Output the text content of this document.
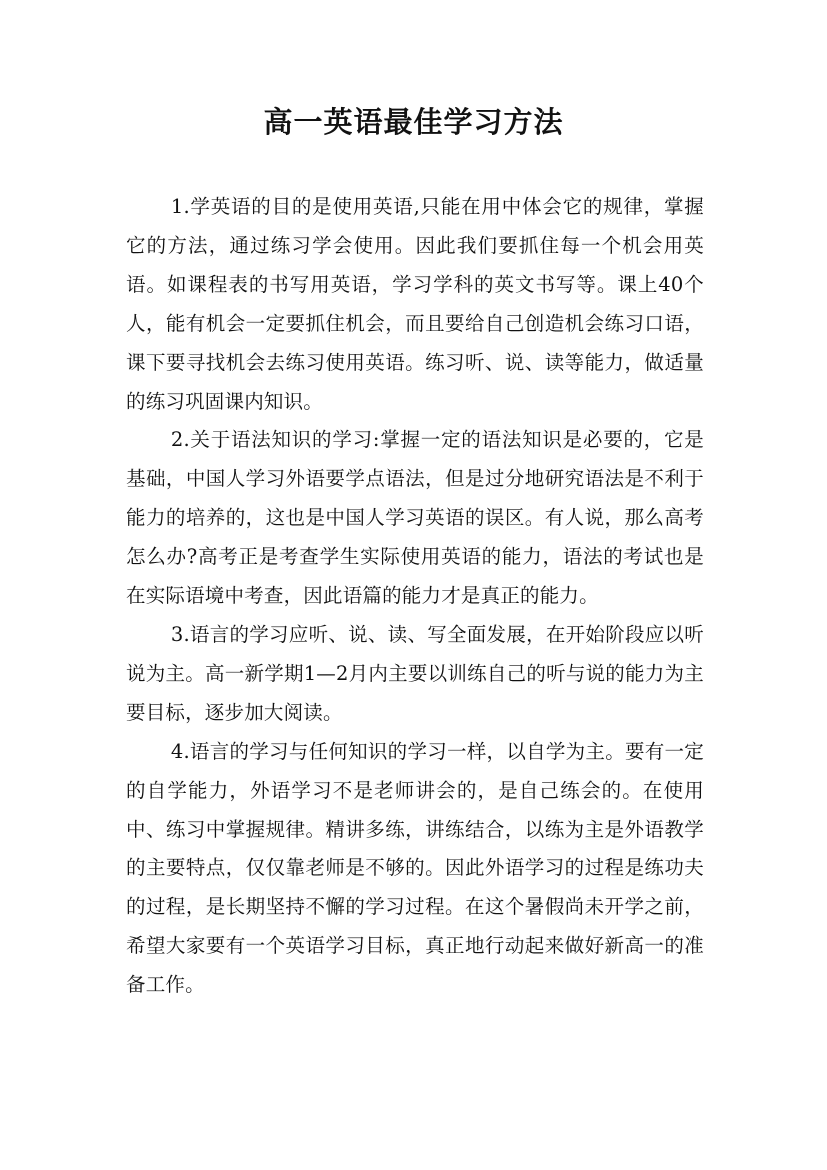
高一英语最佳学习方法

1.学英语的目的是使用英语,只能在用中体会它的规律，掌握它的方法，通过练习学会使用。因此我们要抓住每一个机会用英语。如课程表的书写用英语，学习学科的英文书写等。课上40个人，能有机会一定要抓住机会，而且要给自己创造机会练习口语，课下要寻找机会去练习使用英语。练习听、说、读等能力，做适量的练习巩固课内知识。

2.关于语法知识的学习:掌握一定的语法知识是必要的，它是基础，中国人学习外语要学点语法，但是过分地研究语法是不利于能力的培养的，这也是中国人学习英语的误区。有人说，那么高考怎么办?高考正是考查学生实际使用英语的能力，语法的考试也是在实际语境中考查，因此语篇的能力才是真正的能力。

3.语言的学习应听、说、读、写全面发展，在开始阶段应以听说为主。高一新学期1—2月内主要以训练自己的听与说的能力为主要目标，逐步加大阅读。

4.语言的学习与任何知识的学习一样，以自学为主。要有一定的自学能力，外语学习不是老师讲会的，是自己练会的。在使用中、练习中掌握规律。精讲多练，讲练结合，以练为主是外语教学的主要特点，仅仅靠老师是不够的。因此外语学习的过程是练功夫的过程，是长期坚持不懈的学习过程。在这个暑假尚未开学之前，希望大家要有一个英语学习目标，真正地行动起来做好新高一的准备工作。
